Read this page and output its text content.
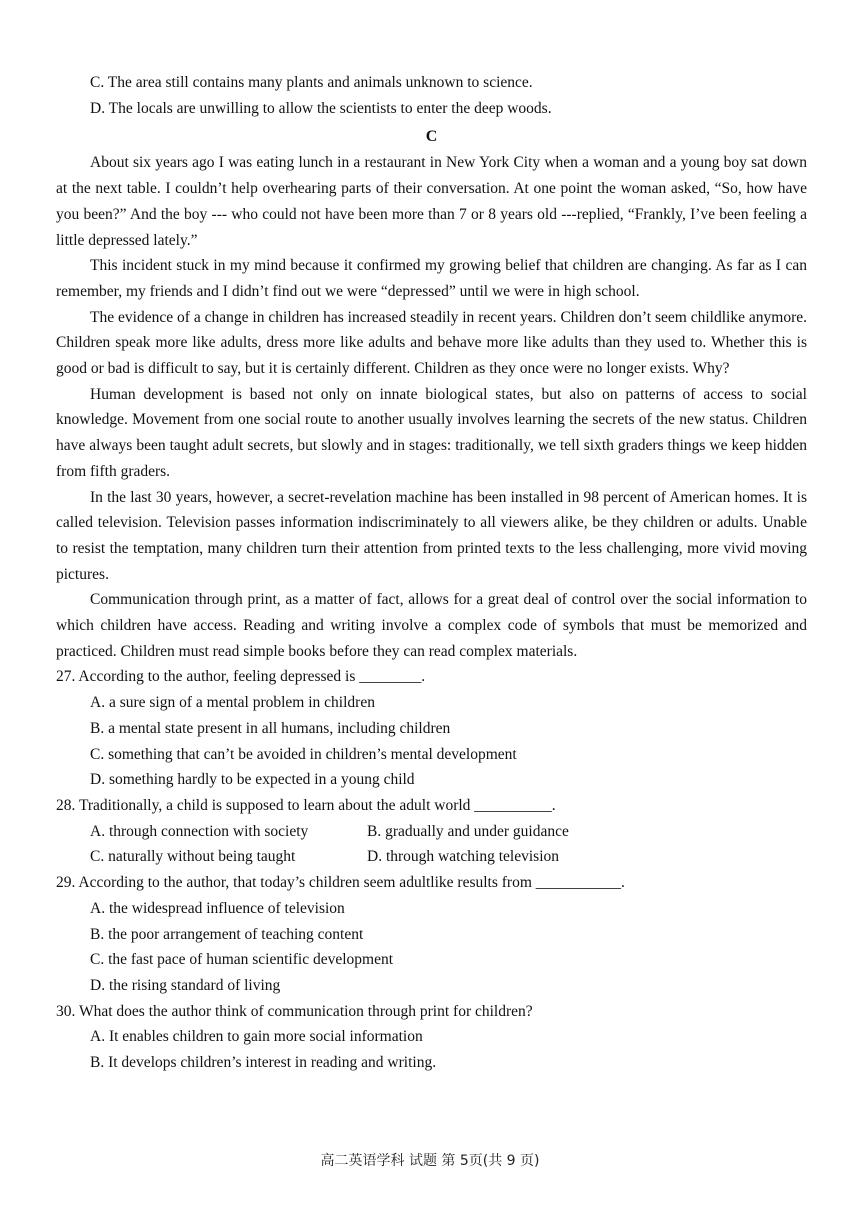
C. The area still contains many plants and animals unknown to science.
D. The locals are unwilling to allow the scientists to enter the deep woods.
C

About six years ago I was eating lunch in a restaurant in New York City when a woman and a young boy sat down at the next table. I couldn’t help overhearing parts of their conversation. At one point the woman asked, “So, how have you been?” And the boy --- who could not have been more than 7 or 8 years old ---replied, “Frankly, I’ve been feeling a little depressed lately.”

This incident stuck in my mind because it confirmed my growing belief that children are changing. As far as I can remember, my friends and I didn’t find out we were “depressed” until we were in high school.

The evidence of a change in children has increased steadily in recent years. Children don’t seem childlike anymore. Children speak more like adults, dress more like adults and behave more like adults than they used to. Whether this is good or bad is difficult to say, but it is certainly different. Children as they once were no longer exists. Why?

Human development is based not only on innate biological states, but also on patterns of access to social knowledge. Movement from one social route to another usually involves learning the secrets of the new status. Children have always been taught adult secrets, but slowly and in stages: traditionally, we tell sixth graders things we keep hidden from fifth graders.

In the last 30 years, however, a secret-revelation machine has been installed in 98 percent of American homes. It is called television. Television passes information indiscriminately to all viewers alike, be they children or adults. Unable to resist the temptation, many children turn their attention from printed texts to the less challenging, more vivid moving pictures.

Communication through print, as a matter of fact, allows for a great deal of control over the social information to which children have access. Reading and writing involve a complex code of symbols that must be memorized and practiced. Children must read simple books before they can read complex materials.

27. According to the author, feeling depressed is ________.
A. a sure sign of a mental problem in children
B. a mental state present in all humans, including children
C. something that can’t be avoided in children’s mental development
D. something hardly to be expected in a young child
28. Traditionally, a child is supposed to learn about the adult world __________.
A. through connection with society	B. gradually and under guidance
C. naturally without being taught	D. through watching television
29. According to the author, that today’s children seem adultlike results from ___________.
A. the widespread influence of television
B. the poor arrangement of teaching content
C. the fast pace of human scientific development
D. the rising standard of living
30. What does the author think of communication through print for children?
A. It enables children to gain more social information
B. It develops children’s interest in reading and writing.
高二英语学科 试题 第 5页(共 9 页)
